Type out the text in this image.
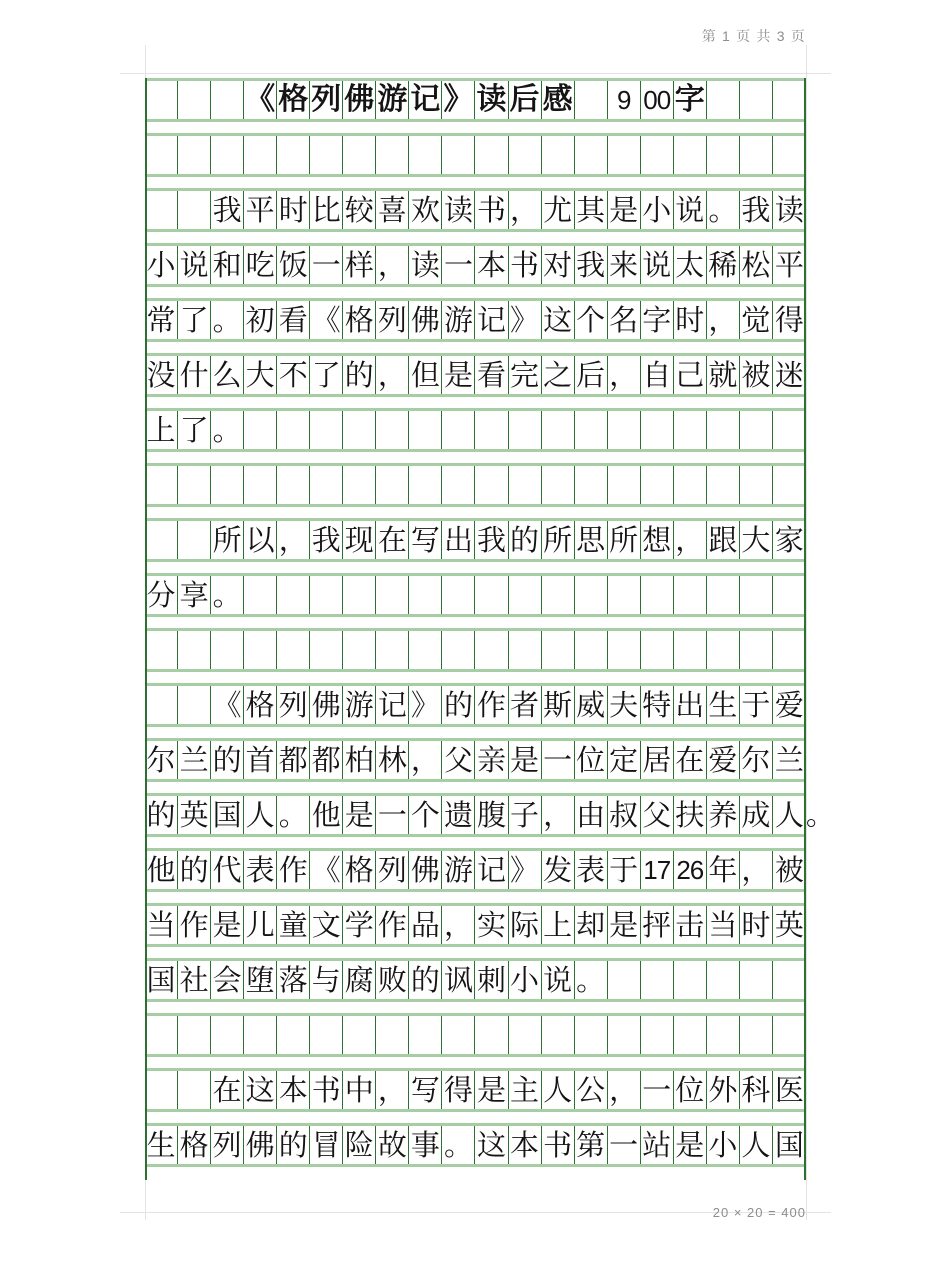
第 1 页 共 3 页
《 格 列 佛 游 记 》 读 后 感	9 00 字
我 平 时 比 较 喜 欢 读 书 ， 尤 其 是 小 说 。 我 读
小 说 和 吃 饭 一 样 ， 读 一 本 书 对 我 来 说 太 稀 松 平
常 了 。 初 看 《 格 列 佛 游 记 》 这 个 名 字 时 ， 觉 得
没 什 么 大 不 了 的 ， 但 是 看 完 之 后 ， 自 己 就 被 迷
上 了 。
所 以 ， 我 现 在 写 出 我 的 所 思 所 想 ， 跟 大 家
分 享 。
《 格 列 佛 游 记 》 的 作 者 斯 威 夫 特 出 生 于 爱
尔 兰 的 首 都 都 柏 林 ， 父 亲 是 一 位 定 居 在 爱 尔 兰
的 英 国 人 。 他 是 一 个 遗 腹 子 ， 由 叔 父 扶 养 成 人 。
他 的 代 表 作 《 格 列 佛 游 记 》 发 表 于 17 26 年 ， 被
当 作 是 儿 童 文 学 作 品 ， 实 际 上 却 是 抨 击 当 时 英
国 社 会 堕 落 与 腐 败 的 讽 刺 小 说 。
在 这 本 书 中 ， 写 得 是 主 人 公 ， 一 位 外 科 医
生 格 列 佛 的 冒 险 故 事 。 这 本 书 第 一 站 是 小 人 国
20 × 20 = 400
